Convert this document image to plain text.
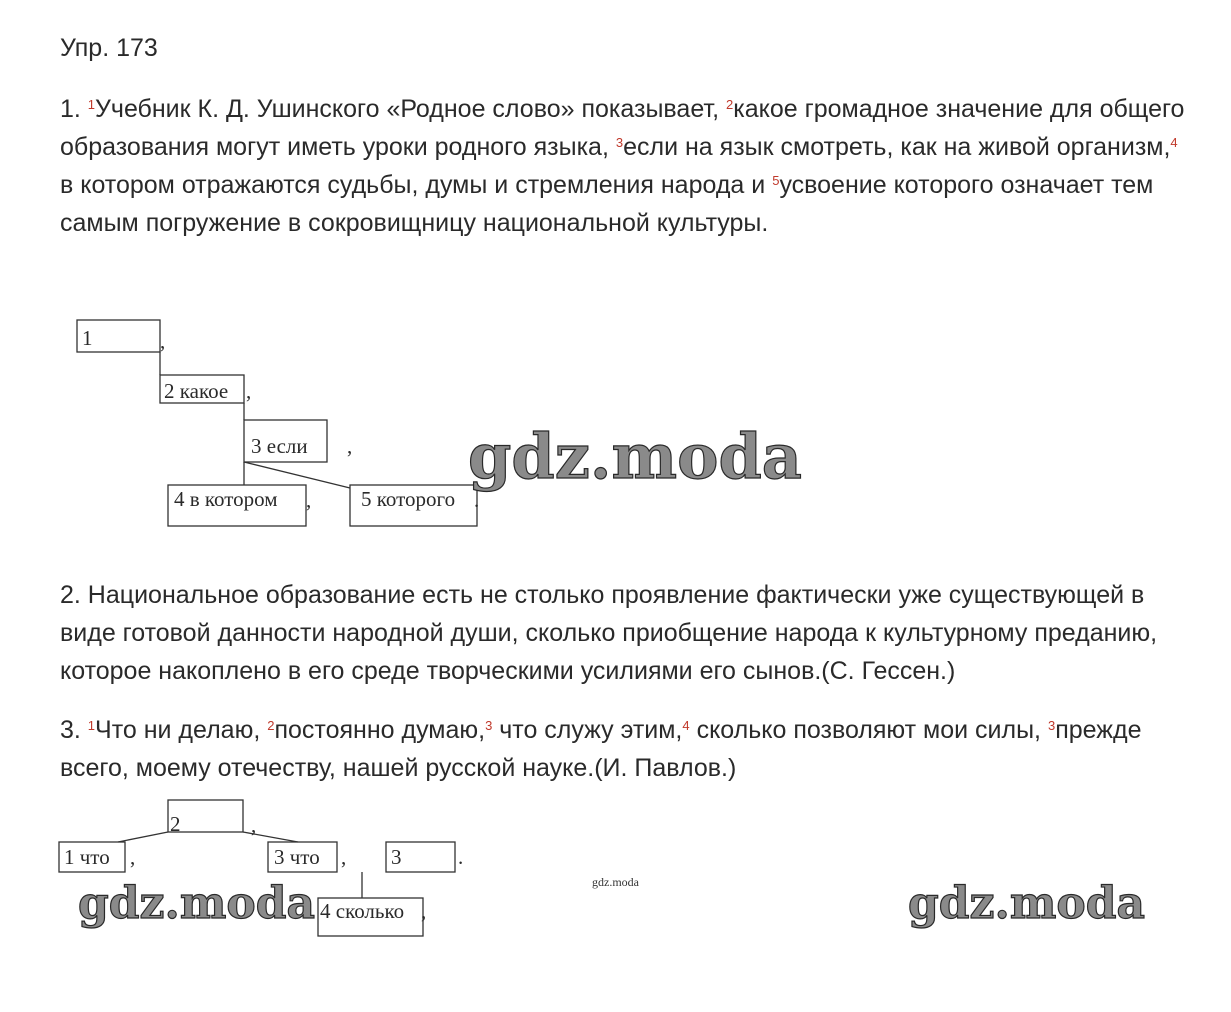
Упр. 173

1. $^1$Учебник К. Д. Ушинского «Родное слово» показывает, $^2$какое громадное значение для общего образования могут иметь уроки родного языка, $^3$если на язык смотреть, как на живой организм,$^4$ в котором отражаются судьбы, думы и стремления народа и $^5$усвоение которого означает тем самым погружение в сокровищницу национальной культуры.

2. Национальное образование есть не столько проявление фактически уже существующей в виде готовой данности народной души, сколько приобщение народа к культурному преданию, которое накоплено в его среде творческими усилиями его сынов.(С. Гессен.)

3. $^1$Что ни делаю, $^2$постоянно думаю,$^3$ что служу этим,$^4$ сколько позволяют мои силы, $^3$прежде всего, моему отечеству, нашей русской науке.(И. Павлов.)

1	,
2 какое ,
3 если ,
4 в котором , 5 которого .
1 что ,
2	,
3 что , 3	.
4 сколько ,
gdz.moda
gdz.moda	gdz.moda
gdz.moda
